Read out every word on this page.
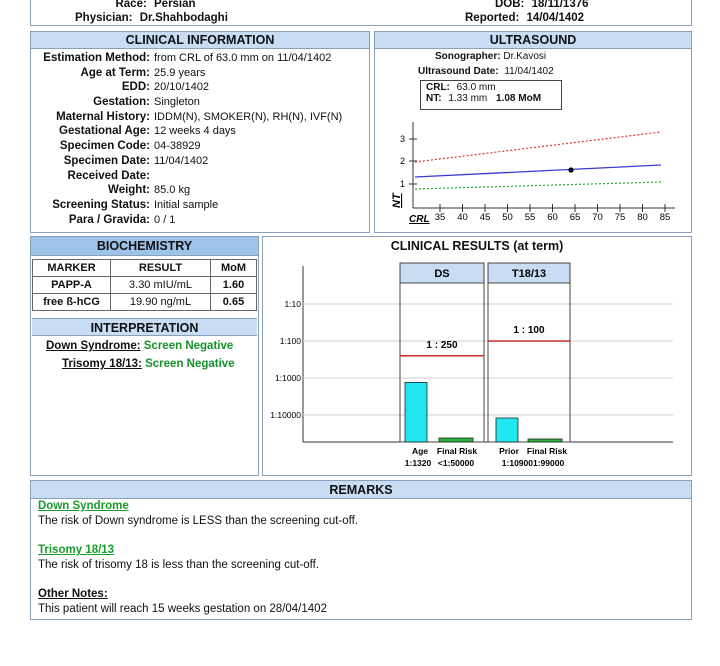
Race: Persian
Physician: Dr.Shahbodaghi
DOB: 18/11/1376
Reported: 14/04/1402
CLINICAL INFORMATION
Estimation Method: from CRL of 63.0 mm on 11/04/1402
Age at Term: 25.9 years
EDD: 20/10/1402
Gestation: Singleton
Maternal History: IDDM(N), SMOKER(N), RH(N), IVF(N)
Gestational Age: 12 weeks 4 days
Specimen Code: 04-38929
Specimen Date: 11/04/1402
Received Date:
Weight: 85.0 kg
Screening Status: Initial sample
Para / Gravida: 0 / 1
ULTRASOUND
Sonographer: Dr.Kavosi
Ultrasound Date: 11/04/1402
CRL: 63.0 mm
NT: 1.33 mm 1.08 MoM
1
2
3
35 40 45 50 55 60 65 70 75 80 85
NT
CRL
BIOCHEMISTRY
MARKER	RESULT	MoM
PAPP-A	3.30 mIU/mL	1.60
free ß-hCG	19.90 ng/mL	0.65
INTERPRETATION
Down Syndrome: Screen Negative
Trisomy 18/13: Screen Negative
CLINICAL RESULTS (at term)
1:10
1:100
1:1000
1:10000
DS	T18/13
1 : 250
1 : 100
Age Final Risk
1:1320 <1:50000
Prior Final Risk
1:109001:99000
REMARKS
Down Syndrome
The risk of Down syndrome is LESS than the screening cut-off.
Trisomy 18/13
The risk of trisomy 18 is less than the screening cut-off.
Other Notes:
This patient will reach 15 weeks gestation on 28/04/1402
